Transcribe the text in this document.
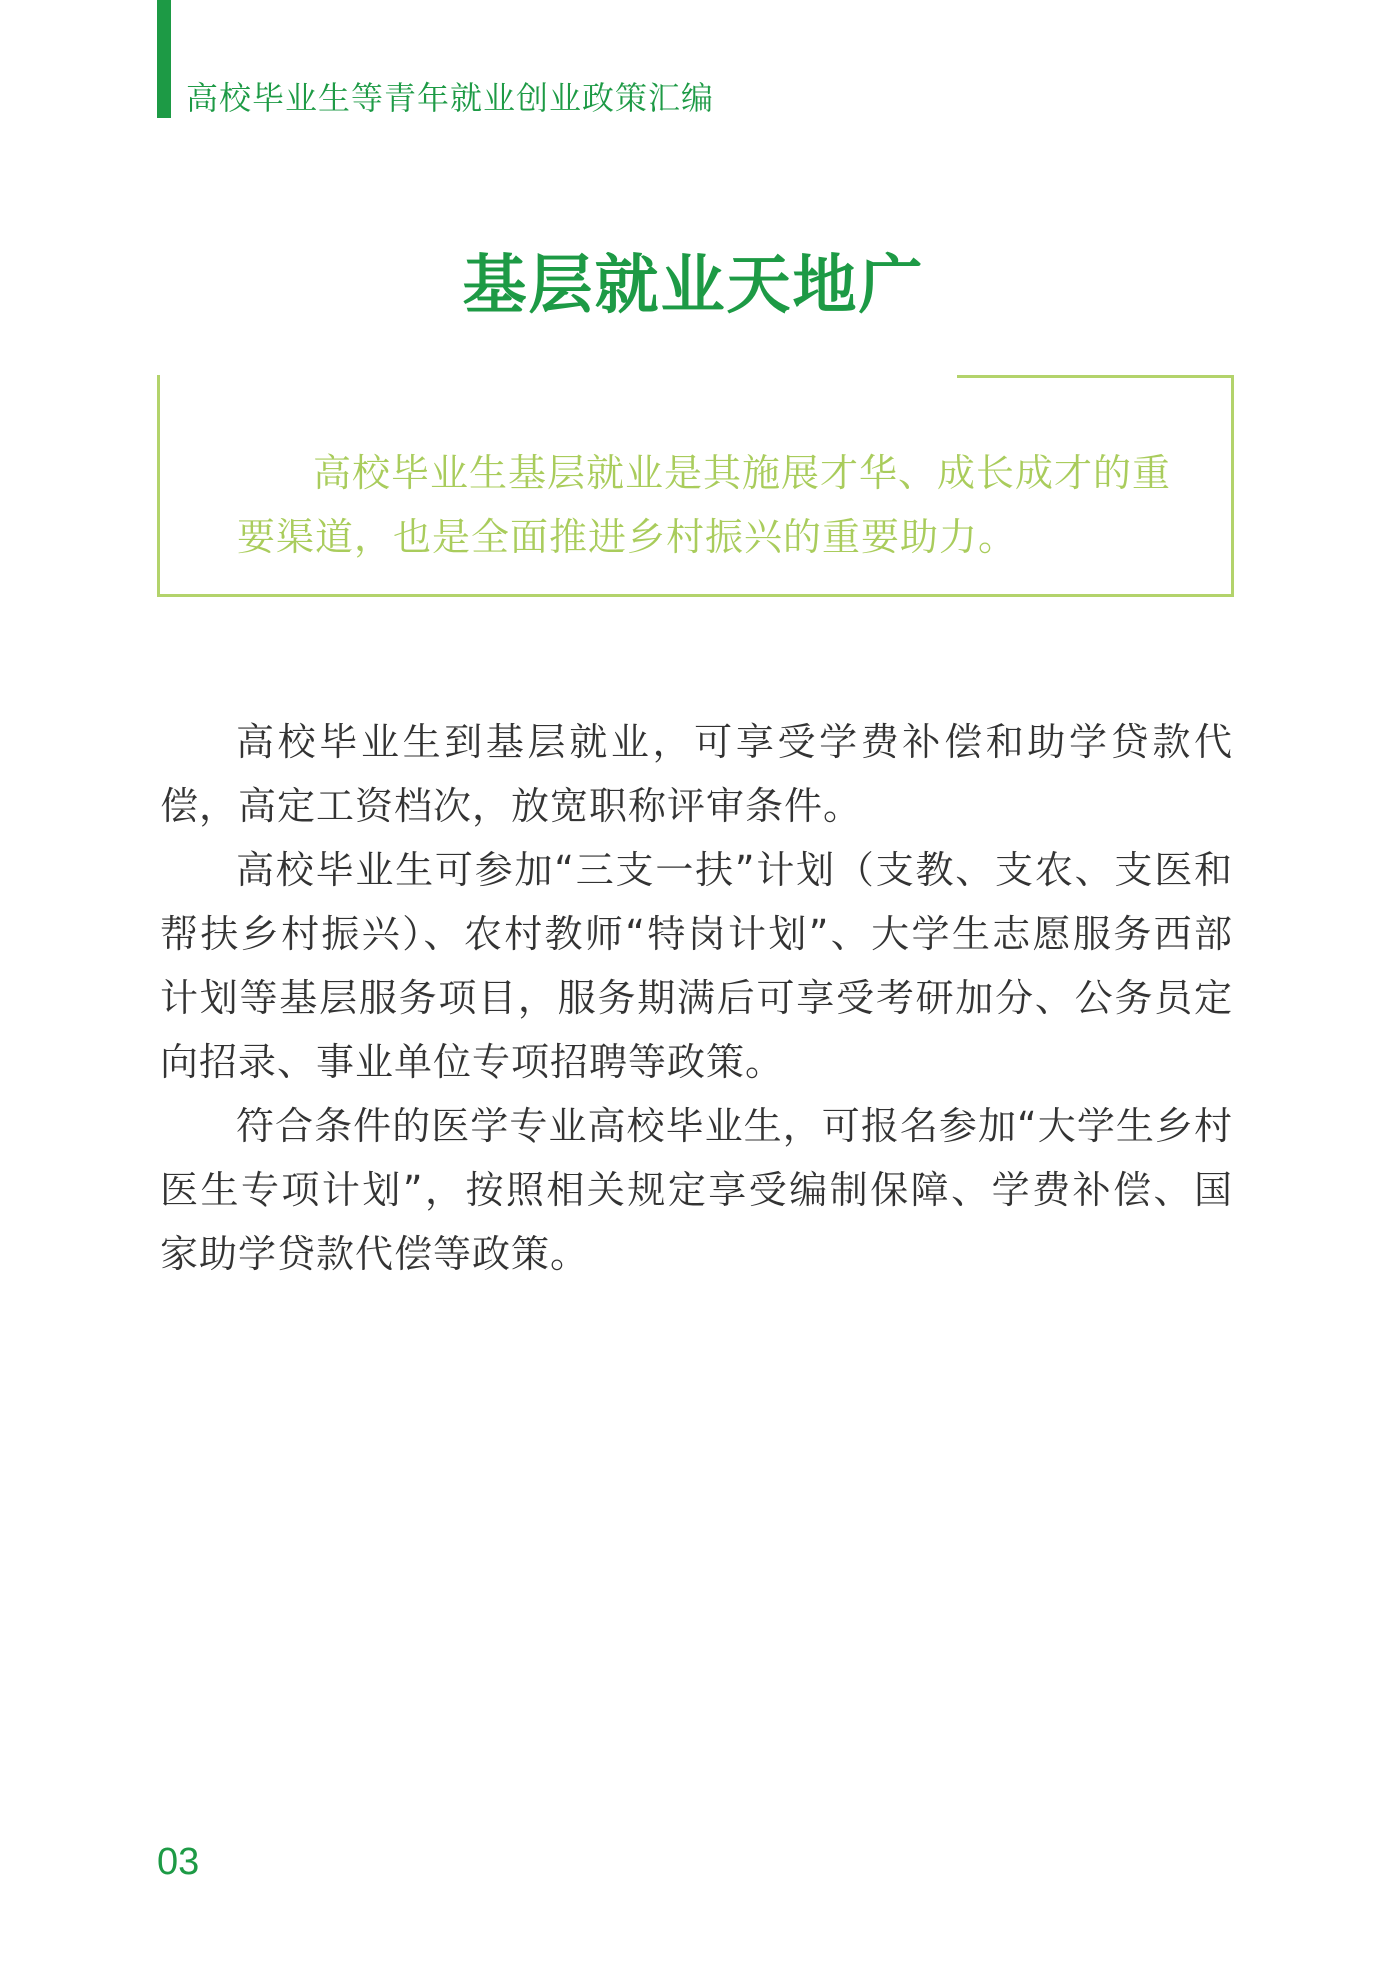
高校毕业生等青年就业创业政策汇编
基层就业天地广
高校毕业生基层就业是其施展才华、成长成才的重要渠道，也是全面推进乡村振兴的重要助力。

高校毕业生到基层就业，可享受学费补偿和助学贷款代偿，高定工资档次，放宽职称评审条件。

高校毕业生可参加“三支一扶”计划（支教、支农、支医和帮扶乡村振兴）、农村教师“特岗计划”、大学生志愿服务西部计划等基层服务项目，服务期满后可享受考研加分、公务员定向招录、事业单位专项招聘等政策。

符合条件的医学专业高校毕业生，可报名参加“大学生乡村医生专项计划”，按照相关规定享受编制保障、学费补偿、国家助学贷款代偿等政策。

03
